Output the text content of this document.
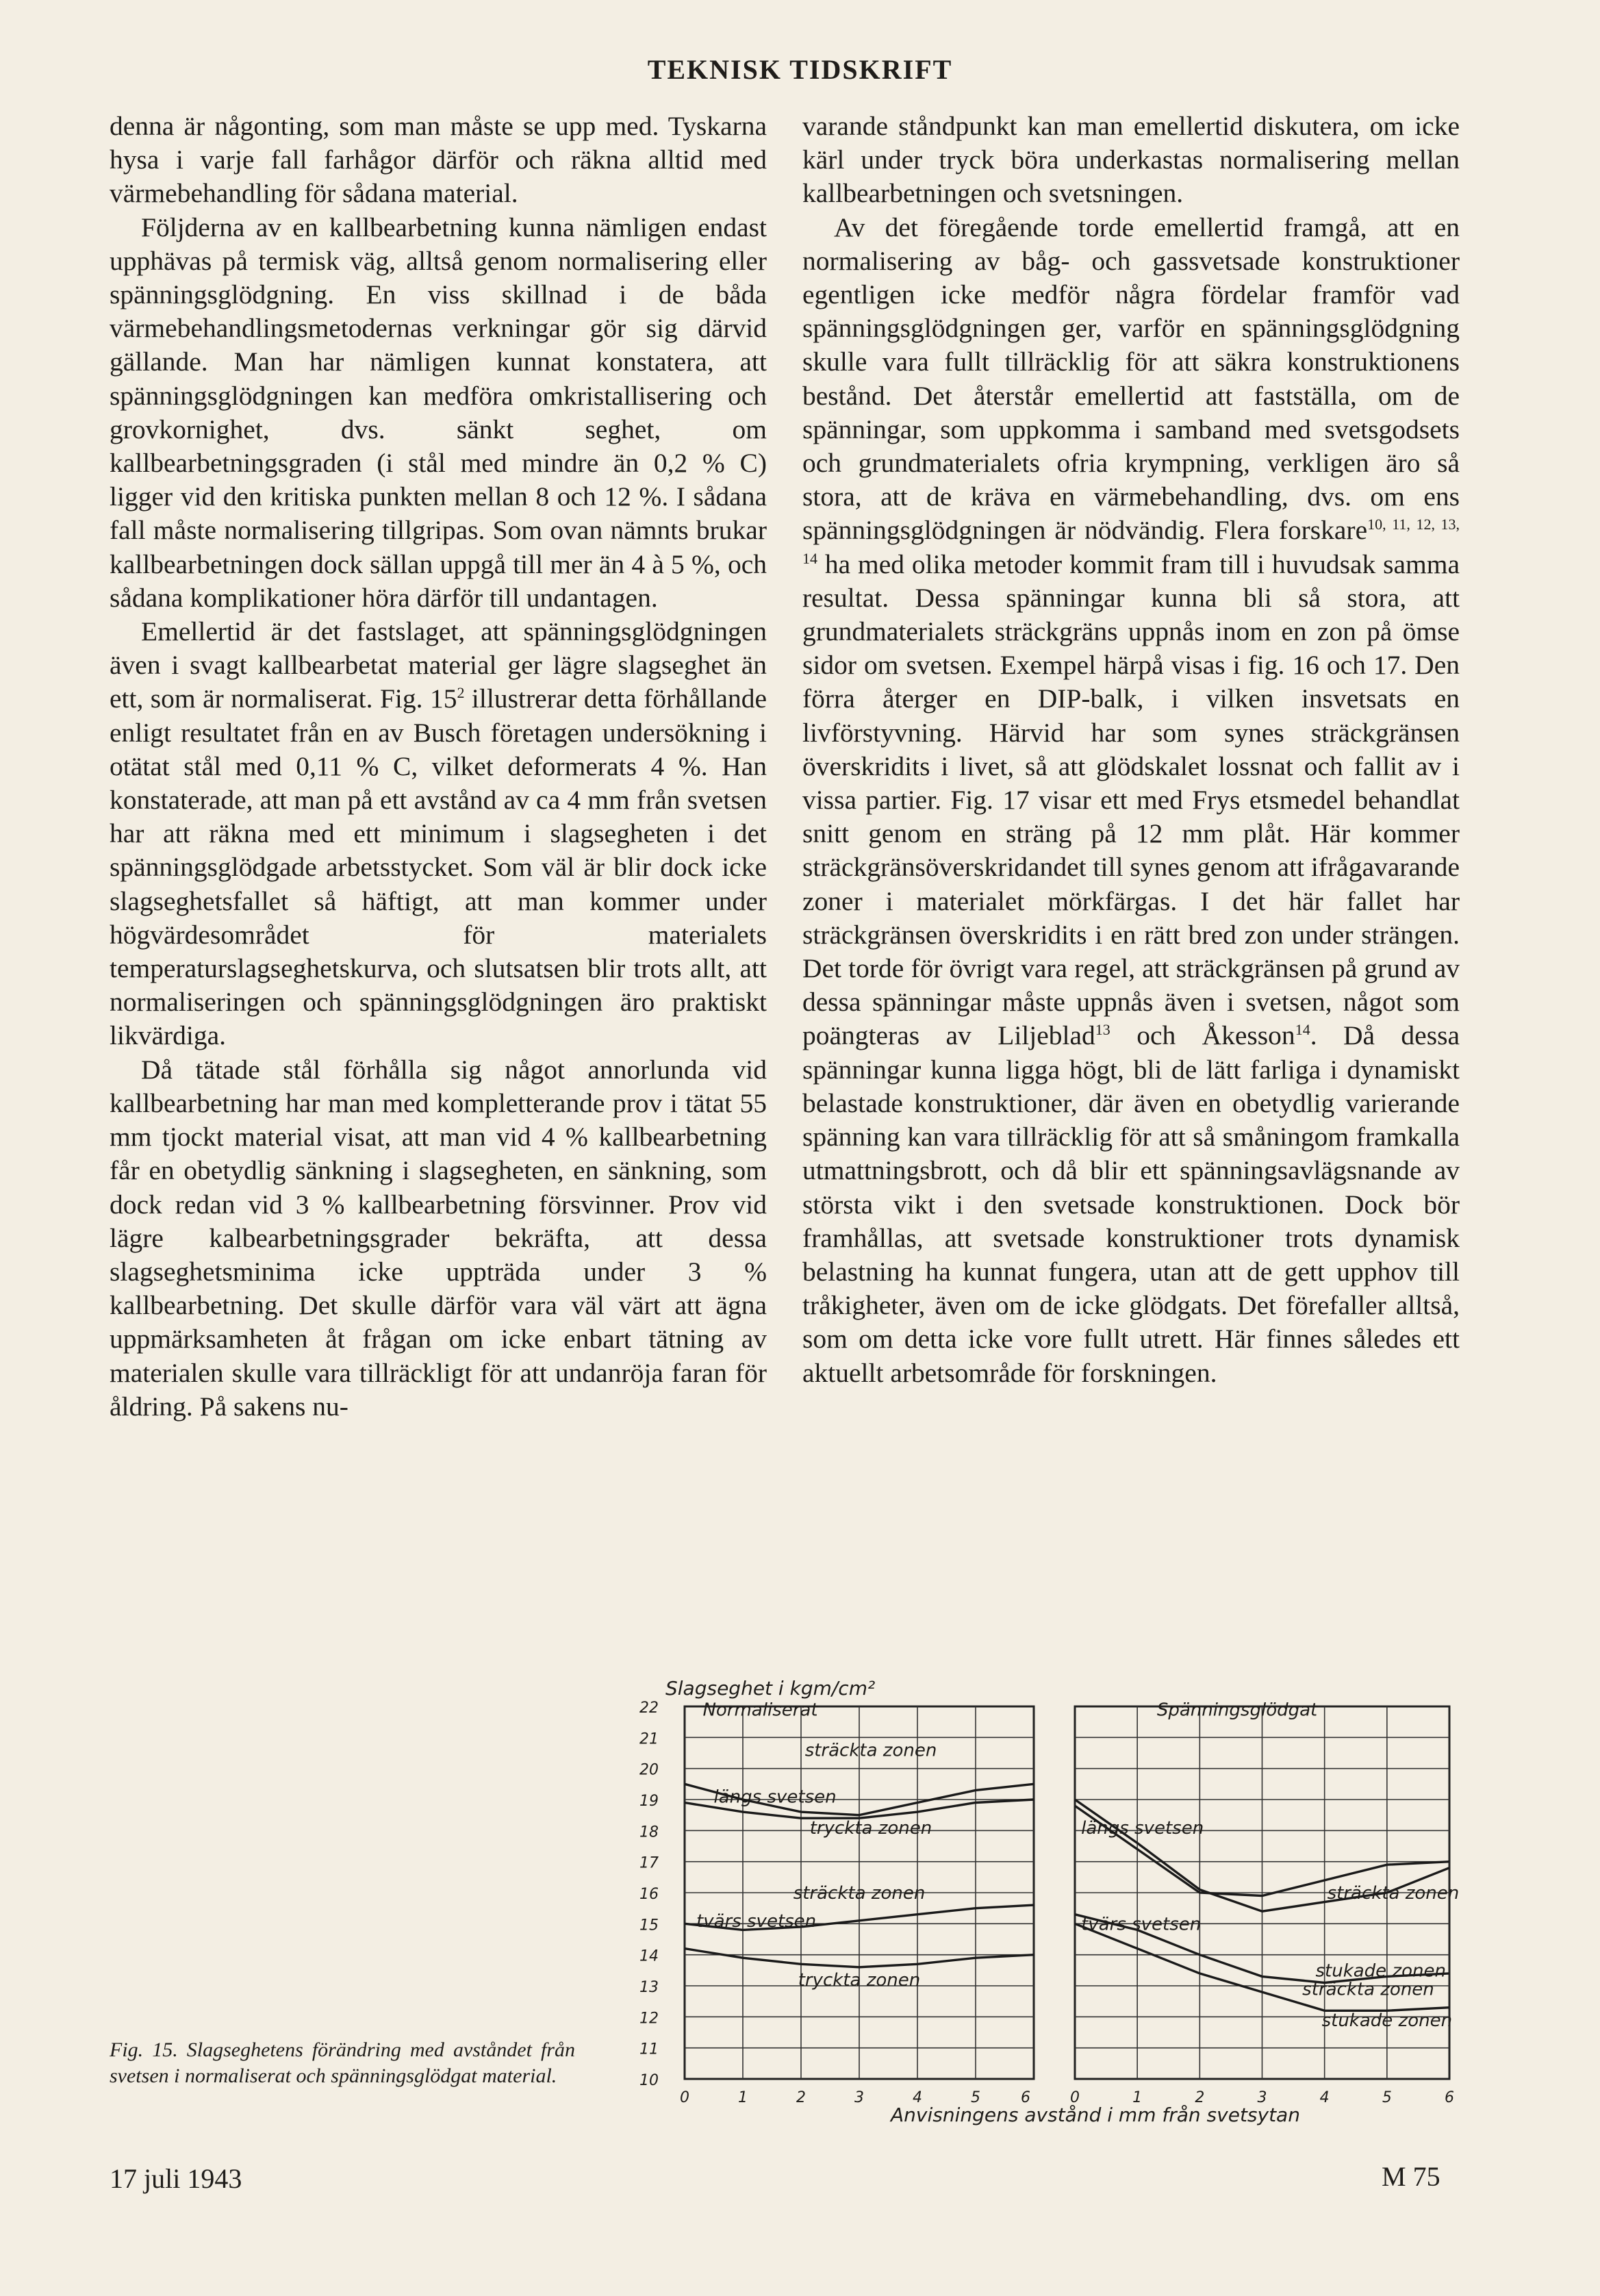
TEKNISK TIDSKRIFT

denna är någonting, som man måste se upp med. Tyskarna hysa i varje fall farhågor därför och räkna alltid med värmebehandling för sådana material.

Följderna av en kallbearbetning kunna nämligen endast upphävas på termisk väg, alltså genom normalisering eller spänningsglödgning. En viss skillnad i de båda värmebehandlingsmetodernas verkningar gör sig därvid gällande. Man har nämligen kunnat konstatera, att spänningsglödgningen kan medföra omkristallisering och grovkornighet, dvs. sänkt seghet, om kallbearbetningsgraden (i stål med mindre än 0,2 % C) ligger vid den kritiska punkten mellan 8 och 12 %. I sådana fall måste normalisering tillgripas. Som ovan nämnts brukar kallbearbetningen dock sällan uppgå till mer än 4 à 5 %, och sådana komplikationer höra därför till undantagen.

Emellertid är det fastslaget, att spänningsglödgningen även i svagt kallbearbetat material ger lägre slagseghet än ett, som är normaliserat. Fig. $15^2$ illustrerar detta förhållande enligt resultatet från en av Busch företagen undersökning i otätat stål med 0,11 % C, vilket deformerats 4 %. Han konstaterade, att man på ett avstånd av ca 4 mm från svetsen har att räkna med ett minimum i slagsegheten i det spänningsglödgade arbetsstycket. Som väl är blir dock icke slagseghetsfallet så häftigt, att man kommer under högvärdesområdet för materialets temperaturslagseghetskurva, och slutsatsen blir trots allt, att normaliseringen och spänningsglödgningen äro praktiskt likvärdiga.

Då tätade stål förhålla sig något annorlunda vid kallbearbetning har man med kompletterande prov i tätat 55 mm tjockt material visat, att man vid 4 % kallbearbetning får en obetydlig sänkning i slagsegheten, en sänkning, som dock redan vid 3 % kallbearbetning försvinner. Prov vid lägre kalbearbetningsgrader bekräfta, att dessa slagseghetsminima icke uppträda under 3 % kallbearbetning. Det skulle därför vara väl värt att ägna uppmärksamheten åt frågan om icke enbart tätning av materialen skulle vara tillräckligt för att undanröja faran för åldring. På sakens nu-

varande ståndpunkt kan man emellertid diskutera, om icke kärl under tryck böra underkastas normalisering mellan kallbearbetningen och svetsningen.

Av det föregående torde emellertid framgå, att en normalisering av båg- och gassvetsade konstruktioner egentligen icke medför några fördelar framför vad spänningsglödgningen ger, varför en spänningsglödgning skulle vara fullt tillräcklig för att säkra konstruktionens bestånd. Det återstår emellertid att fastställa, om de spänningar, som uppkomma i samband med svetsgodsets och grundmaterialets ofria krympning, verkligen äro så stora, att de kräva en värmebehandling, dvs. om ens spänningsglödgningen är nödvändig. Flera forskare$^{10, 11, 12, 13, 14}$ ha med olika metoder kommit fram till i huvudsak samma resultat. Dessa spänningar kunna bli så stora, att grundmaterialets sträckgräns uppnås inom en zon på ömse sidor om svetsen. Exempel härpå visas i fig. 16 och 17. Den förra återger en DIP-balk, i vilken insvetsats en livförstyvning. Härvid har som synes sträckgränsen överskridits i livet, så att glödskalet lossnat och fallit av i vissa partier. Fig. 17 visar ett med Frys etsmedel behandlat snitt genom en sträng på 12 mm plåt. Här kommer sträckgränsöverskridandet till synes genom att ifrågavarande zoner i materialet mörkfärgas. I det här fallet har sträckgränsen överskridits i en rätt bred zon under strängen. Det torde för övrigt vara regel, att sträckgränsen på grund av dessa spänningar måste uppnås även i svetsen, något som poängteras av Liljeblad$^{13}$ och Åkesson$^{14}$. Då dessa spänningar kunna ligga högt, bli de lätt farliga i dynamiskt belastade konstruktioner, där även en obetydlig varierande spänning kan vara tillräcklig för att så småningom framkalla utmattningsbrott, och då blir ett spänningsavlägsnande av största vikt i den svetsade konstruktionen. Dock bör framhållas, att svetsade konstruktioner trots dynamisk belastning ha kunnat fungera, utan att de gett upphov till tråkigheter, även om de icke glödgats. Det förefaller alltså, som om detta icke vore fullt utrett. Här finnes således ett aktuellt arbetsområde för forskningen.

Normaliserat
sträckta zonen
längs svetsen
tryckta zonen
sträckta zonen
tvärs svetsen
tryckta zonen
0	1	2	3	4	5	6
22
21
20
19
18
17
16
15
14
13
12
11
10
Spänningsglödgat
längs svetsen
sträckta zonen
tvärs svetsen
stukade zonen
sträckta zonen
stukade zonen
0	1	2	3	4	5	6
Slagseghet i kgm/cm²
Anvisningens avstånd i mm från svetsytan
Fig. 15. Slagseghetens förändring med avståndet från svetsen i normaliserat och spänningsglödgat material.
17 juli 1943	M 75
